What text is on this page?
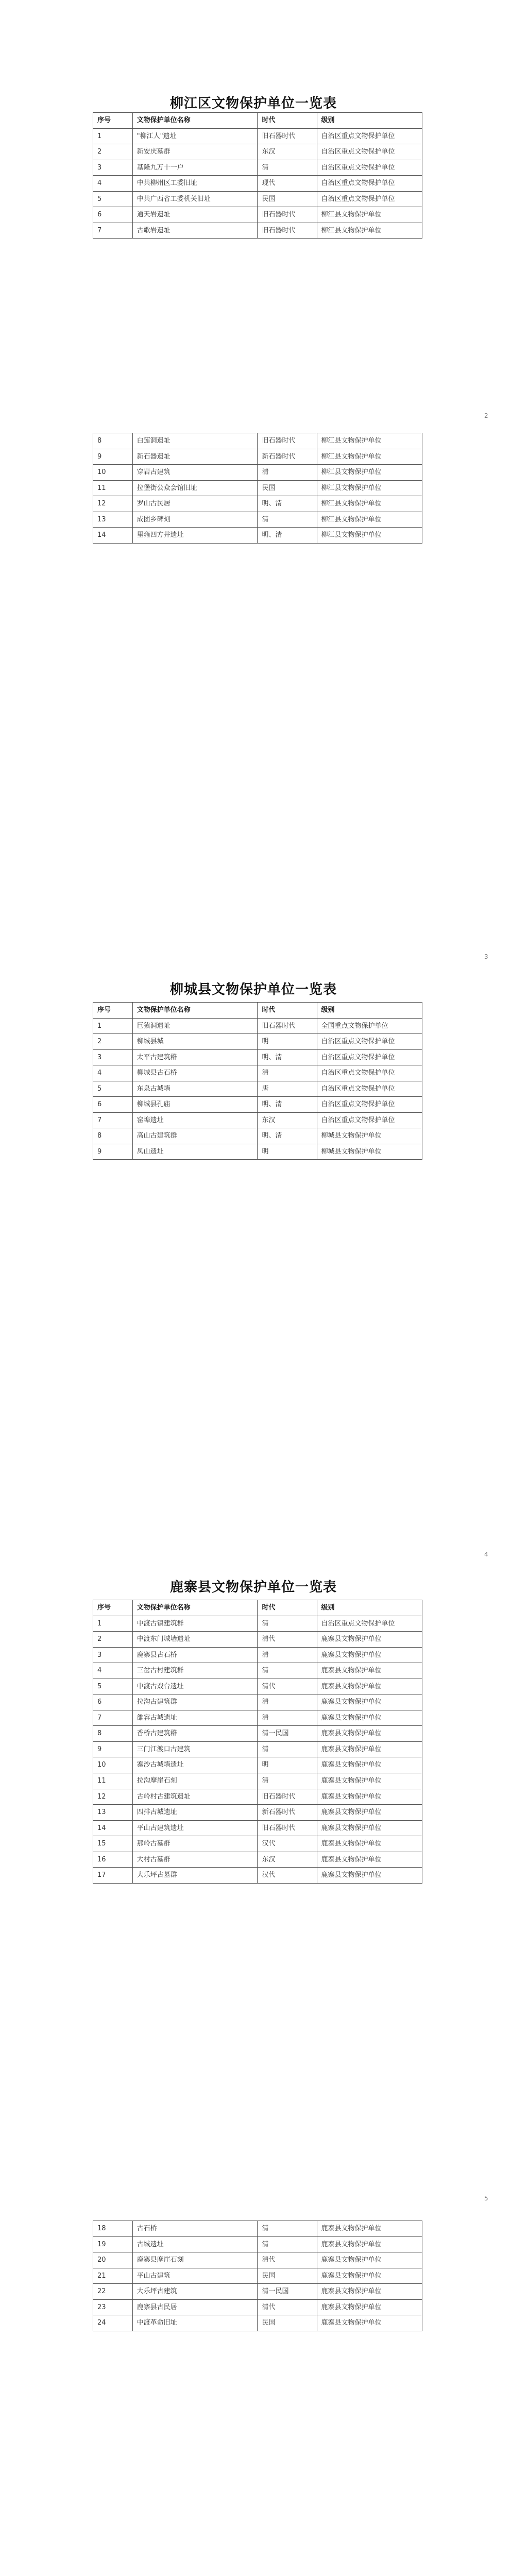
柳江区文物保护单位一览表
序号	文物保护单位名称	时代	级别
1	"柳江人"遗址	旧石器时代	自治区重点文物保护单位
2	新安庆墓群	东汉	自治区重点文物保护单位
3	基隆九万十一户	清	自治区重点文物保护单位
4	中共柳州区工委旧址	现代	自治区重点文物保护单位
5	中共广西省工委机关旧址	民国	自治区重点文物保护单位
6	通天岩遗址	旧石器时代	柳江县文物保护单位
7	古歌岩遗址	旧石器时代	柳江县文物保护单位
2
8	白莲洞遗址	旧石器时代	柳江县文物保护单位
9	新石器遗址	新石器时代	柳江县文物保护单位
10	穿岩古建筑	清	柳江县文物保护单位
11	拉堡街公众会馆旧址	民国	柳江县文物保护单位
12	罗山古民居	明、清	柳江县文物保护单位
13	成团乡碑刻	清	柳江县文物保护单位
14	里雍四方井遗址	明、清	柳江县文物保护单位
3
柳城县文物保护单位一览表
序号	文物保护单位名称	时代	级别
1	巨猿洞遗址	旧石器时代	全国重点文物保护单位
2	柳城县城	明	自治区重点文物保护单位
3	太平古建筑群	明、清	自治区重点文物保护单位
4	柳城县古石桥	清	自治区重点文物保护单位
5	东泉古城墙	唐	自治区重点文物保护单位
6	柳城县孔庙	明、清	自治区重点文物保护单位
7	窑埠遗址	东汉	自治区重点文物保护单位
8	高山古建筑群	明、清	柳城县文物保护单位
9	凤山遗址	明	柳城县文物保护单位
4
鹿寨县文物保护单位一览表
序号	文物保护单位名称	时代	级别
1	中渡古镇建筑群	清	自治区重点文物保护单位
2	中渡东门城墙遗址	清代	鹿寨县文物保护单位
3	鹿寨县古石桥	清	鹿寨县文物保护单位
4	三岔古村建筑群	清	鹿寨县文物保护单位
5	中渡古戏台遗址	清代	鹿寨县文物保护单位
6	拉沟古建筑群	清	鹿寨县文物保护单位
7	雒容古城遗址	清	鹿寨县文物保护单位
8	香桥古建筑群	清一民国	鹿寨县文物保护单位
9	三门江渡口古建筑	清	鹿寨县文物保护单位
10	寨沙古城墙遗址	明	鹿寨县文物保护单位
11	拉沟摩崖石刻	清	鹿寨县文物保护单位
12	古岭村古建筑遗址	旧石器时代	鹿寨县文物保护单位
13	四排古城遗址	新石器时代	鹿寨县文物保护单位
14	平山古建筑遗址	旧石器时代	鹿寨县文物保护单位
15	那岭古墓群	汉代	鹿寨县文物保护单位
16	大村古墓群	东汉	鹿寨县文物保护单位
17	大乐坪古墓群	汉代	鹿寨县文物保护单位
5
18	古石桥	清	鹿寨县文物保护单位
19	古城遗址	清	鹿寨县文物保护单位
20	鹿寨县摩崖石刻	清代	鹿寨县文物保护单位
21	平山古建筑	民国	鹿寨县文物保护单位
22	大乐坪古建筑	清一民国	鹿寨县文物保护单位
23	鹿寨县古民居	清代	鹿寨县文物保护单位
24	中渡革命旧址	民国	鹿寨县文物保护单位
